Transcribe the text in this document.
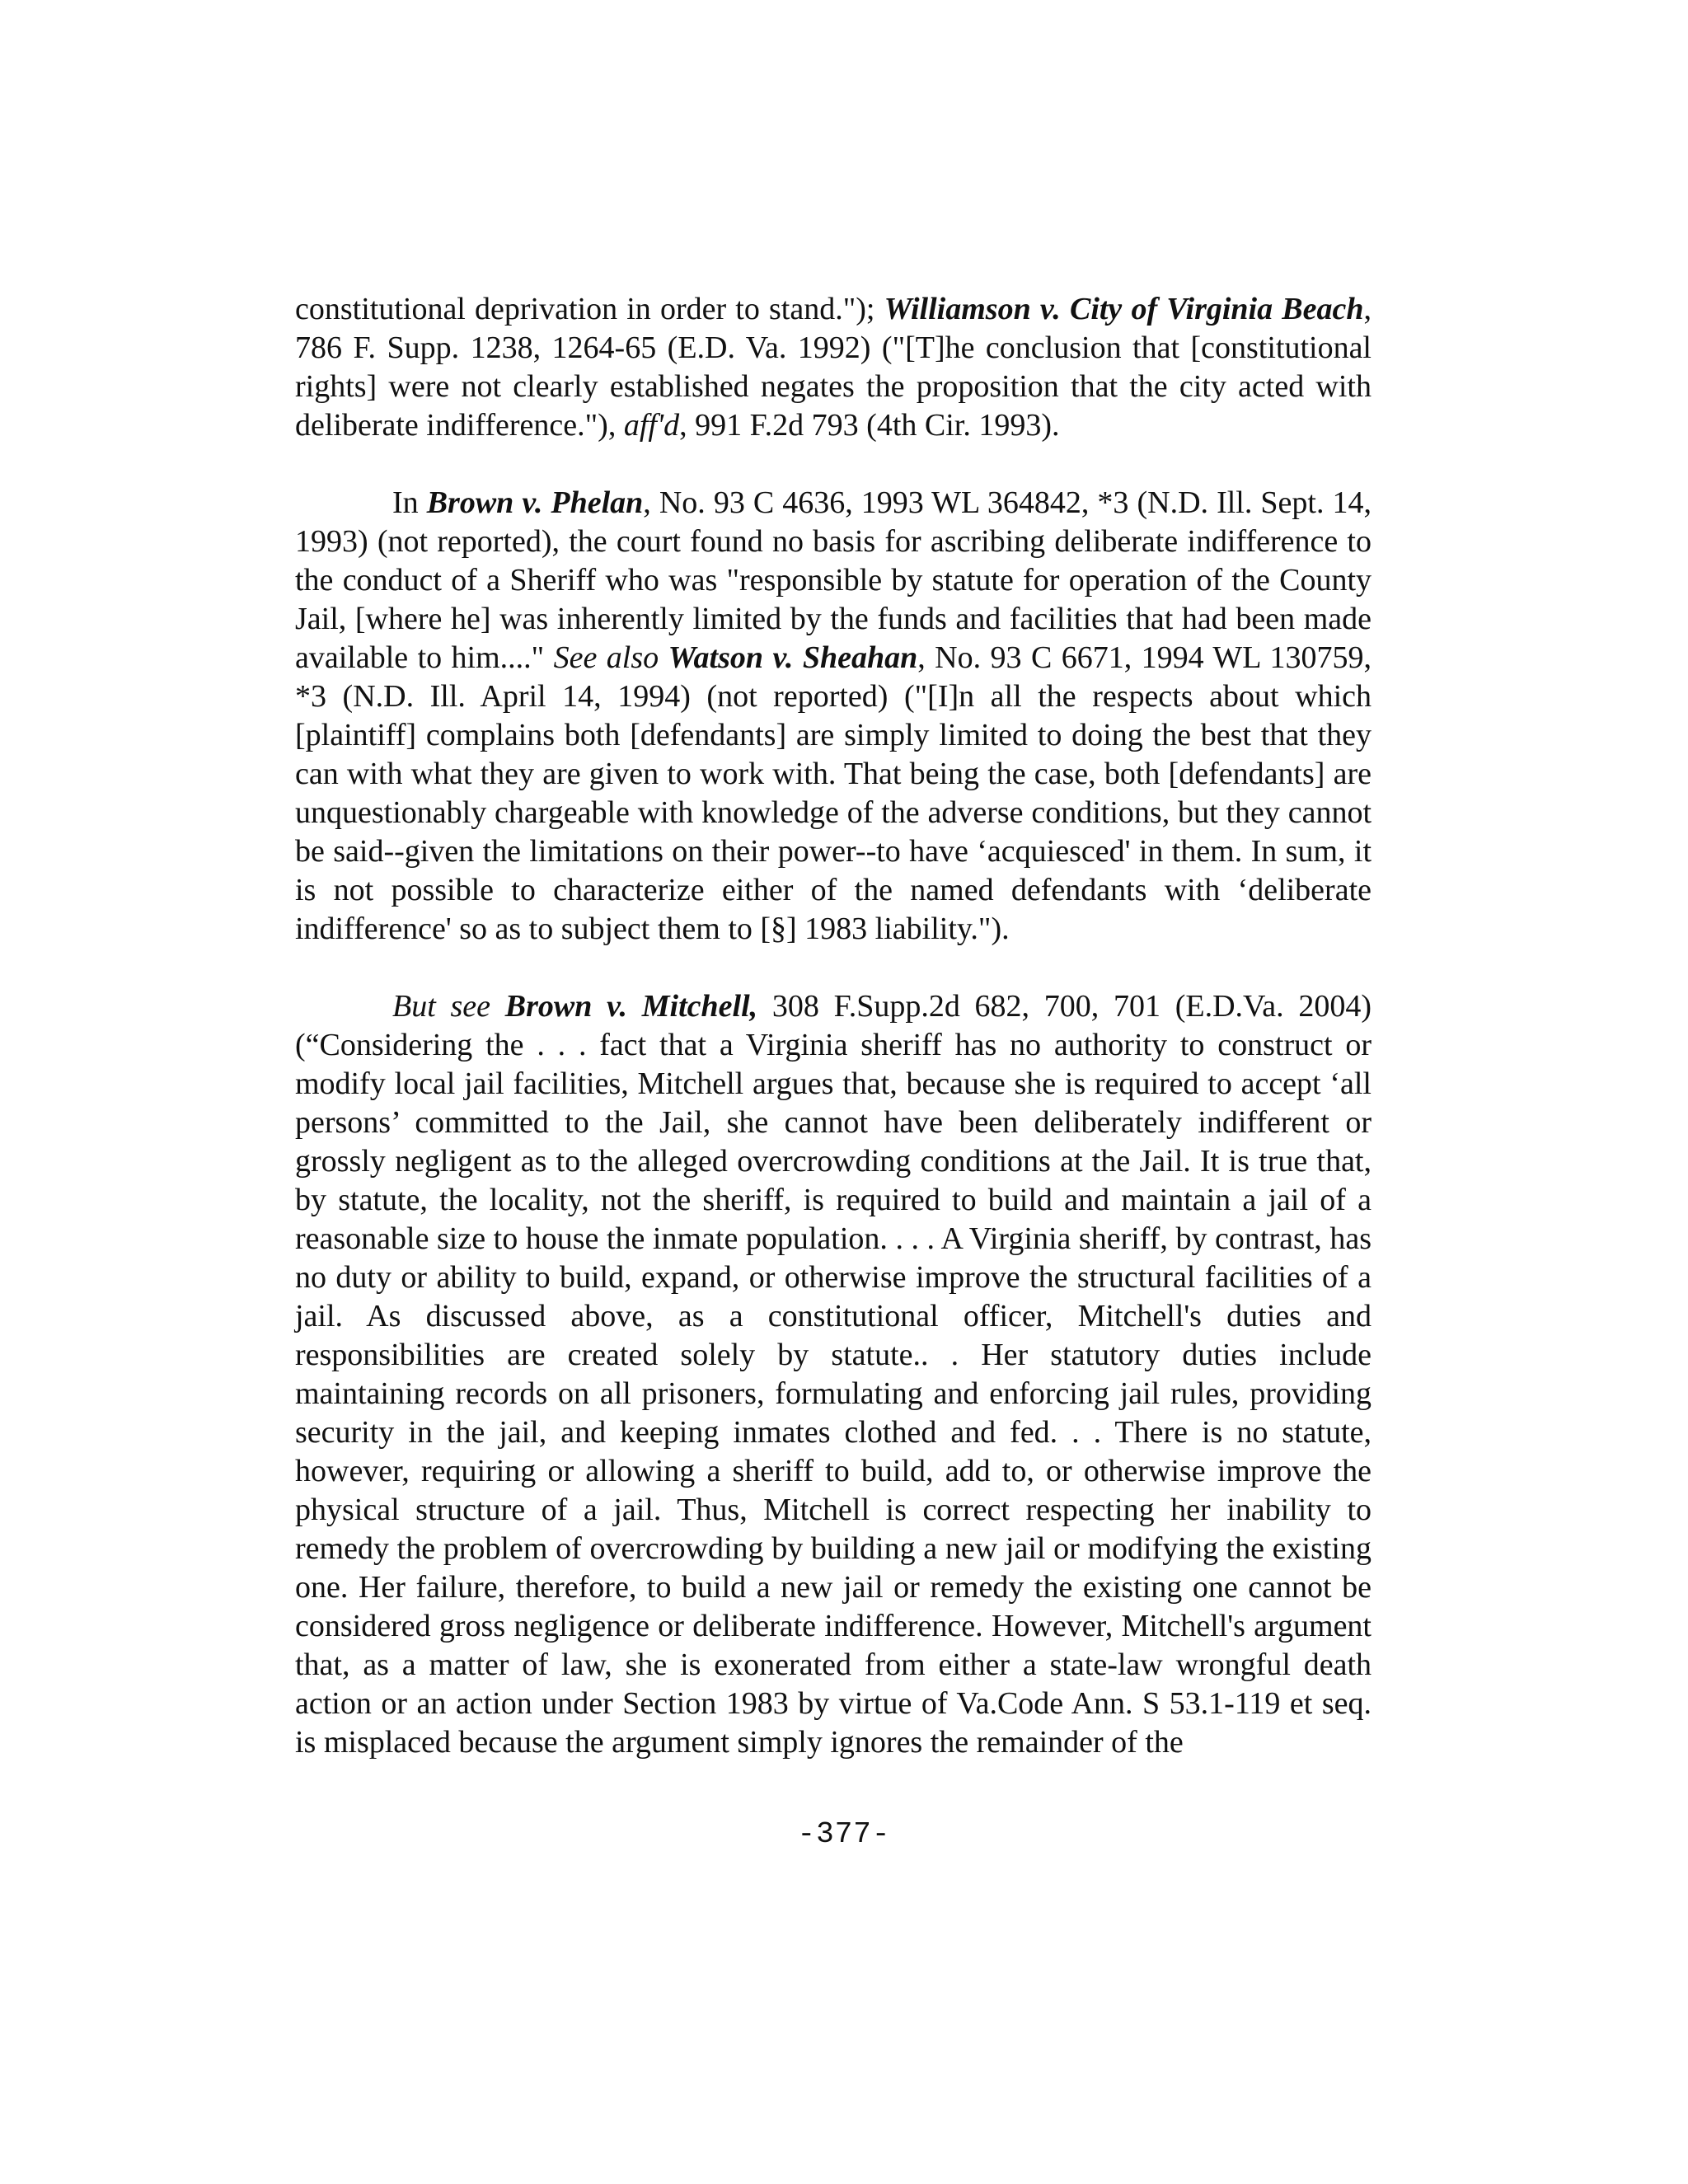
constitutional deprivation in order to stand."); Williamson v. City of Virginia Beach, 786 F. Supp. 1238, 1264-65 (E.D. Va. 1992) ("[T]he conclusion that [constitutional rights] were not clearly established negates the proposition that the city acted with deliberate indifference."), aff'd, 991 F.2d 793 (4th Cir. 1993).

In Brown v. Phelan, No. 93 C 4636, 1993 WL 364842, *3 (N.D. Ill. Sept. 14, 1993) (not reported), the court found no basis for ascribing deliberate indifference to the conduct of a Sheriff who was "responsible by statute for operation of the County Jail, [where he] was inherently limited by the funds and facilities that had been made available to him...." See also Watson v. Sheahan, No. 93 C 6671, 1994 WL 130759, *3 (N.D. Ill. April 14, 1994) (not reported) ("[I]n all the respects about which [plaintiff] complains both [defendants] are simply limited to doing the best that they can with what they are given to work with. That being the case, both [defendants] are unquestionably chargeable with knowledge of the adverse conditions, but they cannot be said--given the limitations on their power--to have ‘acquiesced' in them. In sum, it is not possible to characterize either of the named defendants with ‘deliberate indifference' so as to subject them to [§] 1983 liability.").

But see Brown v. Mitchell, 308 F.Supp.2d 682, 700, 701 (E.D.Va. 2004) (“Considering the . . . fact that a Virginia sheriff has no authority to construct or modify local jail facilities, Mitchell argues that, because she is required to accept ‘all persons’ committed to the Jail, she cannot have been deliberately indifferent or grossly negligent as to the alleged overcrowding conditions at the Jail. It is true that, by statute, the locality, not the sheriff, is required to build and maintain a jail of a reasonable size to house the inmate population. . . . A Virginia sheriff, by contrast, has no duty or ability to build, expand, or otherwise improve the structural facilities of a jail. As discussed above, as a constitutional officer, Mitchell's duties and responsibilities are created solely by statute.. . Her statutory duties include maintaining records on all prisoners, formulating and enforcing jail rules, providing security in the jail, and keeping inmates clothed and fed. . . There is no statute, however, requiring or allowing a sheriff to build, add to, or otherwise improve the physical structure of a jail. Thus, Mitchell is correct respecting her inability to remedy the problem of overcrowding by building a new jail or modifying the existing one. Her failure, therefore, to build a new jail or remedy the existing one cannot be considered gross negligence or deliberate indifference. However, Mitchell's argument that, as a matter of law, she is exonerated from either a state-law wrongful death action or an action under Section 1983 by virtue of Va.Code Ann. S 53.1-119 et seq. is misplaced because the argument simply ignores the remainder of the

-377-
